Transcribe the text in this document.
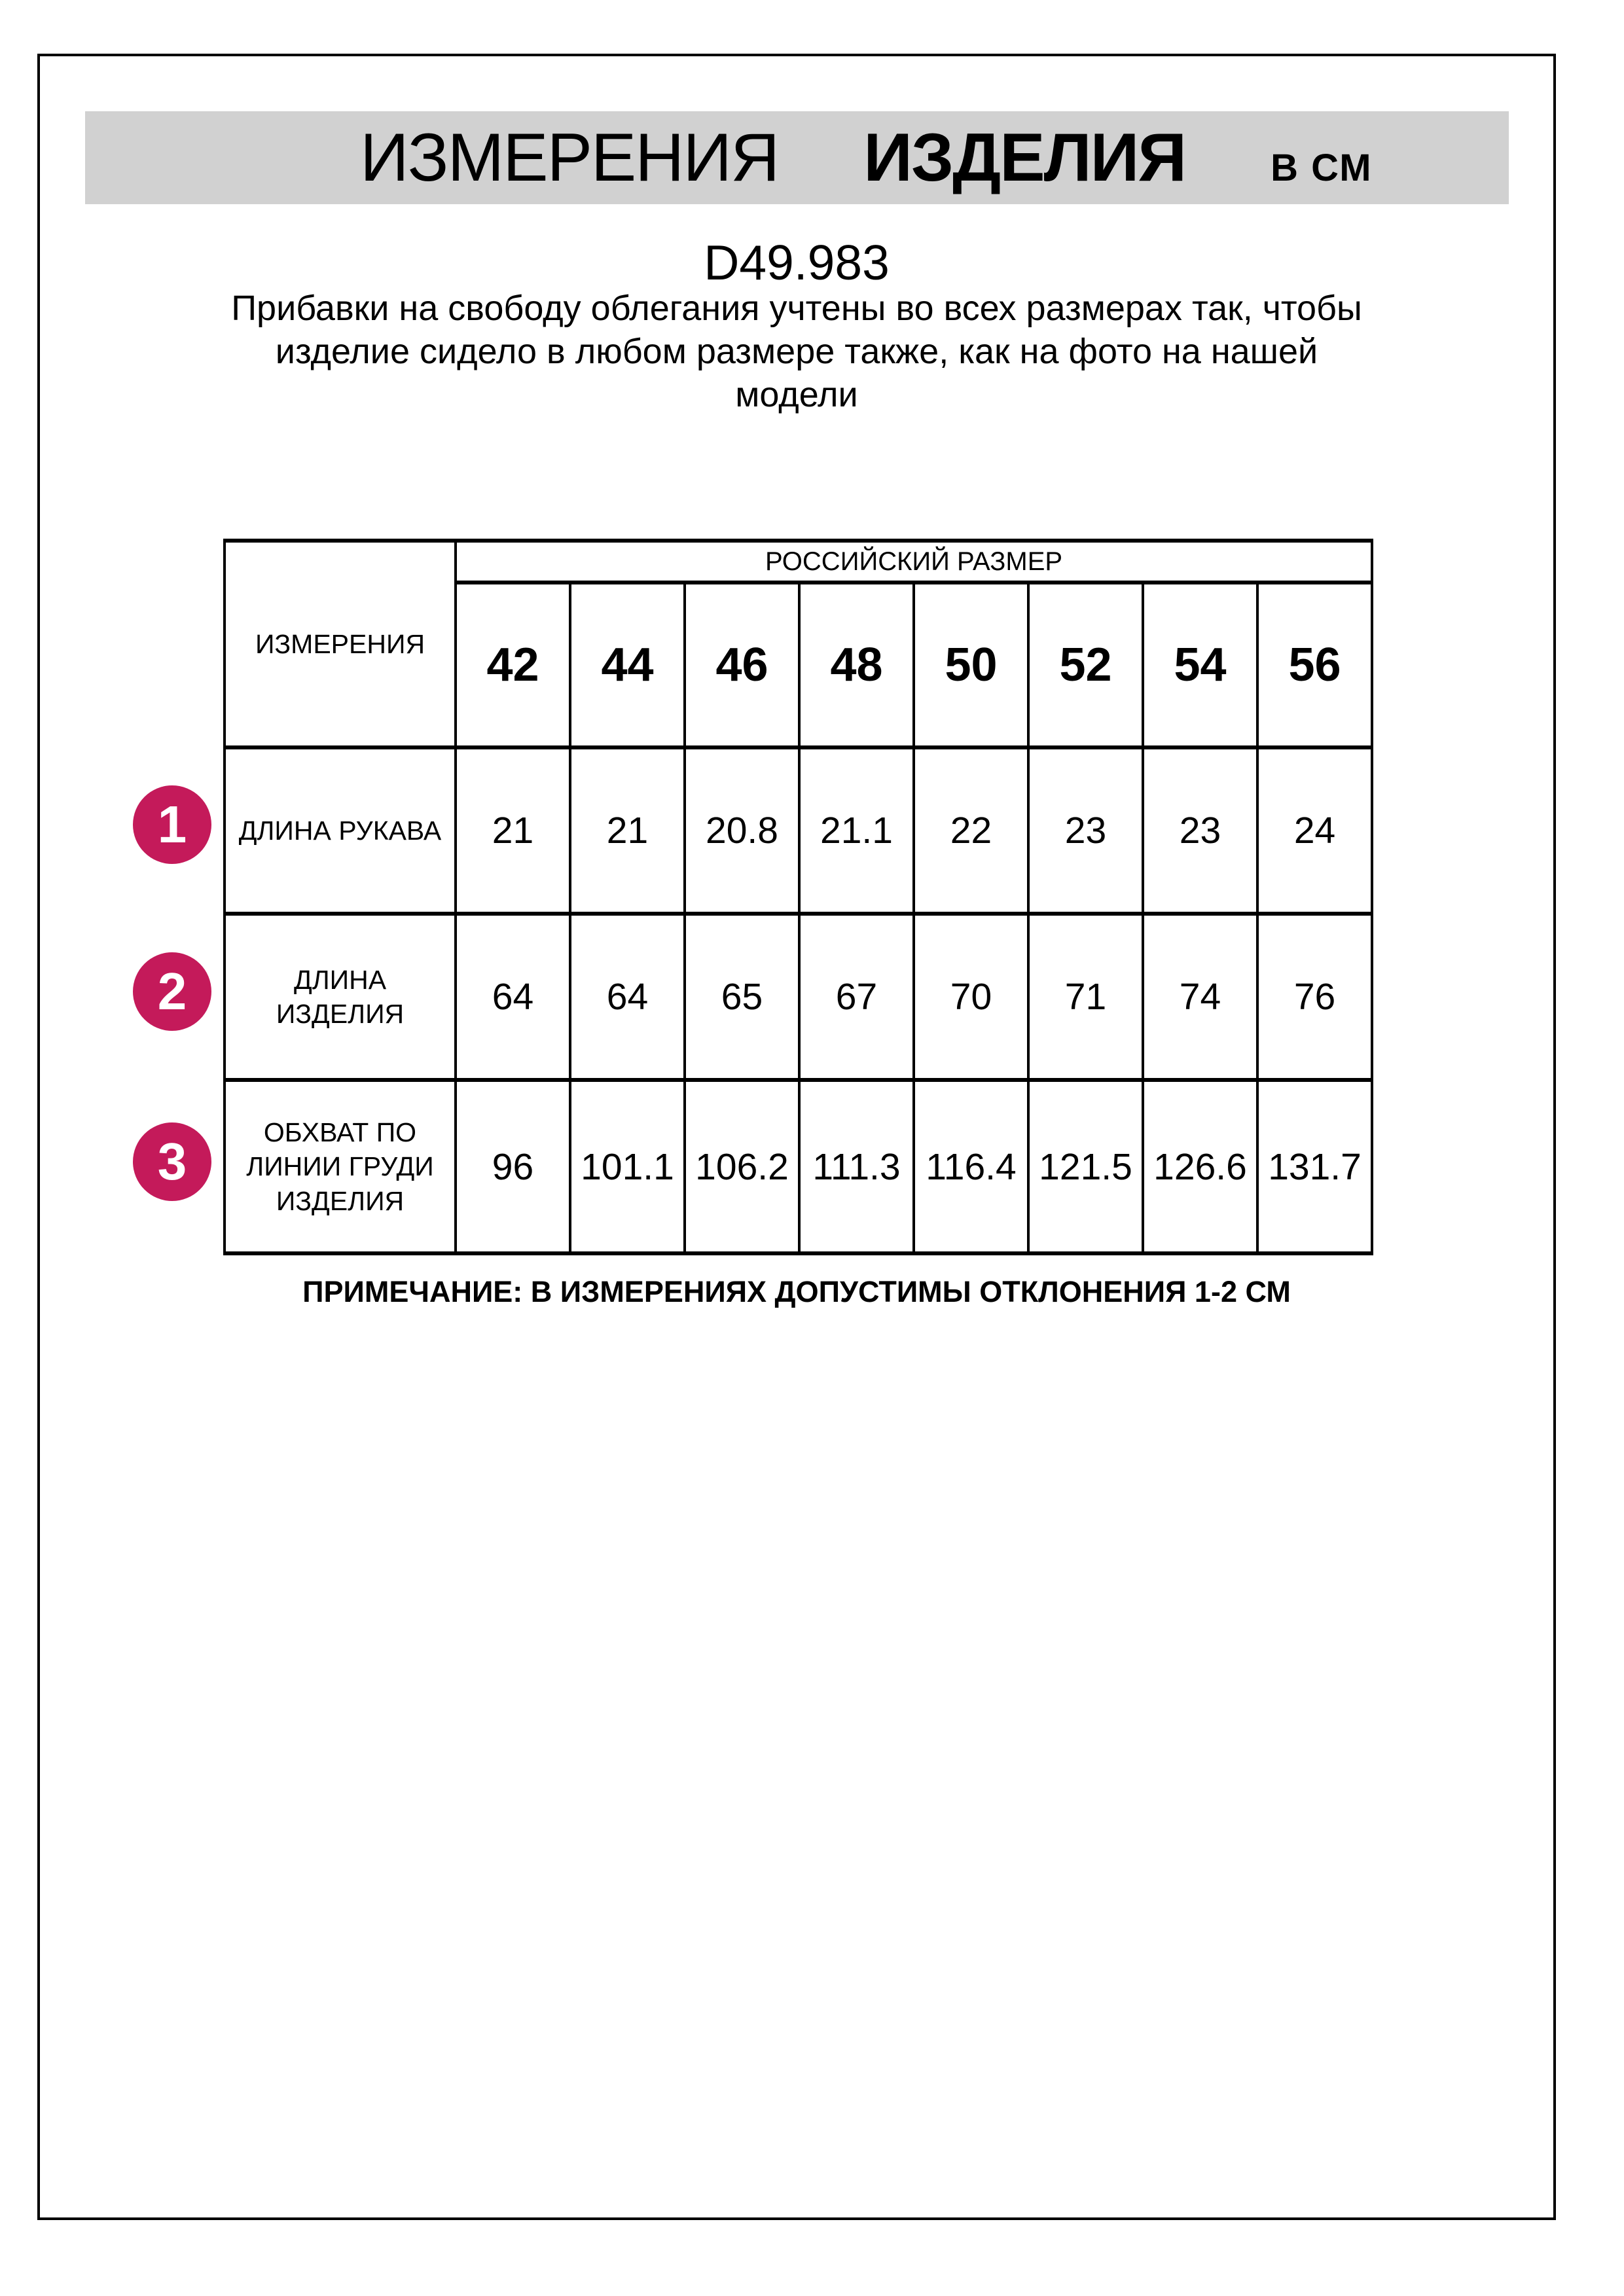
ИЗМЕРЕНИЯ ИЗДЕЛИЯ В СМ
D49.983
Прибавки на свободу облегания учтены во всех размерах так, чтобы
изделие сидело в любом размере также, как на фото на нашей
модели
ИЗМЕРЕНИЯ	РОССИЙСКИЙ РАЗМЕР							
	42	44	46	48	50	52	54	56
ДЛИНА РУКАВА	21	21	20.8	21.1	22	23	23	24
ДЛИНА ИЗДЕЛИЯ	64	64	65	67	70	71	74	76
ОБХВАТ ПО ЛИНИИ ГРУДИ ИЗДЕЛИЯ	96	101.1	106.2	111.3	116.4	121.5	126.6	131.7
1
2
3
ПРИМЕЧАНИЕ: В ИЗМЕРЕНИЯХ ДОПУСТИМЫ ОТКЛОНЕНИЯ 1-2 СМ
